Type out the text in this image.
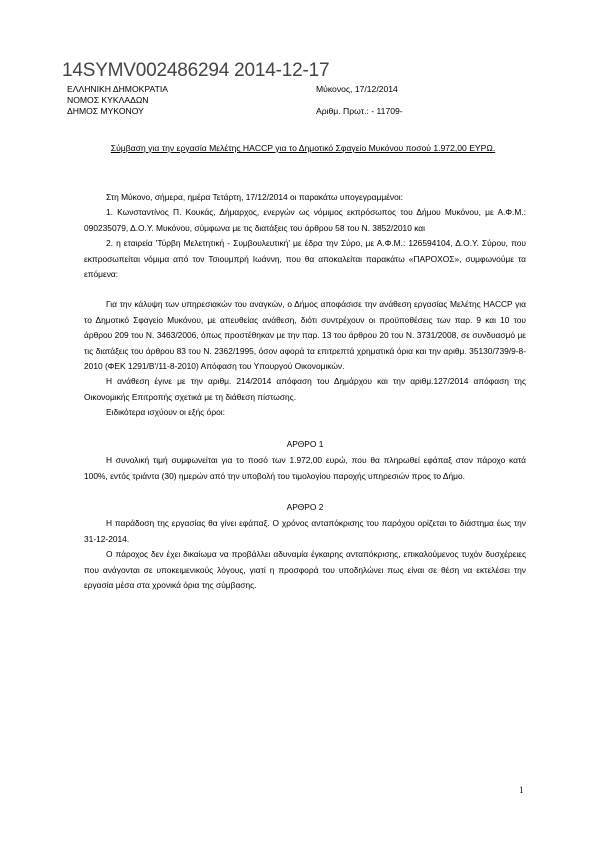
14SYMV002486294 2014-12-17
ΕΛΛΗΝΙΚΗ ΔΗΜΟΚΡΑΤΙΑ
ΝΟΜΟΣ ΚΥΚΛΑΔΩΝ
ΔΗΜΟΣ ΜΥΚΟΝΟΥ
Μύκονος, 17/12/2014
Αριθμ. Πρωτ.: - 11709-
Σύμβαση για την εργασία Μελέτης HACCP για το Δημοτικό Σφαγείο Μυκόνου ποσού 1.972,00 ΕΥΡΩ.

Στη Μύκονο, σήμερα, ημέρα Τετάρτη, 17/12/2014 οι παρακάτω υπογεγραμμένοι:

1. Κωνσταντίνος Π. Κουκάς, Δήμαρχος, ενεργών ως νόμιμος εκπρόσωπος του Δήμου Μυκόνου, με Α.Φ.Μ.: 090235079, Δ.Ο.Υ. Μυκόνου, σύμφωνα με τις διατάξεις του άρθρου 58 του Ν. 3852/2010 και

2. η εταιρεία 'Τύρβη Μελετητική - Συμβουλευτική' με έδρα την Σύρο, με Α.Φ.Μ.: 126594104, Δ.Ο.Υ. Σύρου, που εκπροσωπείται νόμιμα από τον Τσιουμπρή Ιωάννη, που θα αποκαλείται παρακάτω «ΠΑΡΟΧΟΣ», συμφωνούμε τα επόμενα:

Για την κάλυψη των υπηρεσιακών του αναγκών, ο Δήμος αποφάσισε την ανάθεση εργασίας Μελέτης HACCP για το Δημοτικό Σφαγείο Μυκόνου, με απευθείας ανάθεση, διότι συντρέχουν οι προϋποθέσεις των παρ. 9 και 10 του άρθρου 209 του Ν. 3463/2006, όπως προστέθηκαν με την παρ. 13 του άρθρου 20 του Ν. 3731/2008, σε συνδυασμό με τις διατάξεις του άρθρου 83 του Ν. 2362/1995, όσον αφορά τα επιτρεπτά χρηματικά όρια και την αριθμ. 35130/739/9-8-2010 (ΦΕΚ 1291/Β'/11-8-2010) Απόφαση του Υπουργού Οικονομικών.

Η ανάθεση έγινε με την αριθμ. 214/2014 απόφαση του Δημάρχου και την αριθμ.127/2014 απόφαση της Οικονομικής Επιτροπής σχετικά με τη διάθεση πίστωσης.

Ειδικότερα ισχύουν οι εξής όροι:

ΑΡΘΡΟ 1

Η συνολική τιμή συμφωνείται για το ποσό των 1.972,00 ευρώ, που θα πληρωθεί εφάπαξ στον πάροχο κατά 100%, εντός τριάντα (30) ημερών από την υποβολή του τιμολογίου παροχής υπηρεσιών προς το Δήμο.

ΑΡΘΡΟ 2

Η παράδοση της εργασίας θα γίνει εφάπαξ. Ο χρόνος ανταπόκρισης του παρόχου ορίζεται το διάστημα έως την 31-12-2014.

Ο πάροχος δεν έχει δικαίωμα να προβάλλει αδυναμία έγκαιρης ανταπόκρισης, επικαλούμενος τυχόν δυσχέρειες που ανάγονται σε υποκειμενικούς λόγους, γιατί η προσφορά του υποδηλώνει πως είναι σε θέση να εκτελέσει την εργασία μέσα στα χρονικά όρια της σύμβασης.

1
